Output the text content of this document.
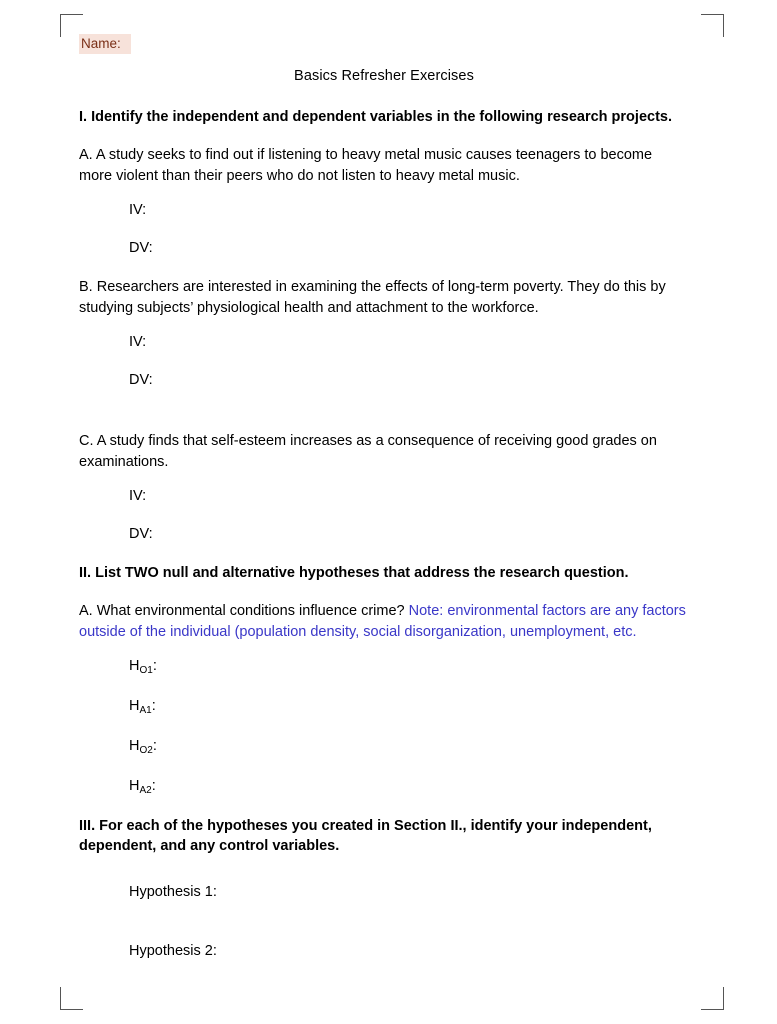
Name:
Basics Refresher Exercises
I. Identify the independent and dependent variables in the following research projects.
A. A study seeks to find out if listening to heavy metal music causes teenagers to become more violent than their peers who do not listen to heavy metal music.
IV:
DV:
B. Researchers are interested in examining the effects of long-term poverty. They do this by studying subjects’ physiological health and attachment to the workforce.
IV:
DV:
C. A study finds that self-esteem increases as a consequence of receiving good grades on examinations.
IV:
DV:
II. List TWO null and alternative hypotheses that address the research question.
A. What environmental conditions influence crime? Note: environmental factors are any factors outside of the individual (population density, social disorganization, unemployment, etc.
$H_{O1}$:
$H_{A1}$:
$H_{O2}$:
$H_{A2}$:
III. For each of the hypotheses you created in Section II., identify your independent, dependent, and any control variables.
Hypothesis 1:
Hypothesis 2:
